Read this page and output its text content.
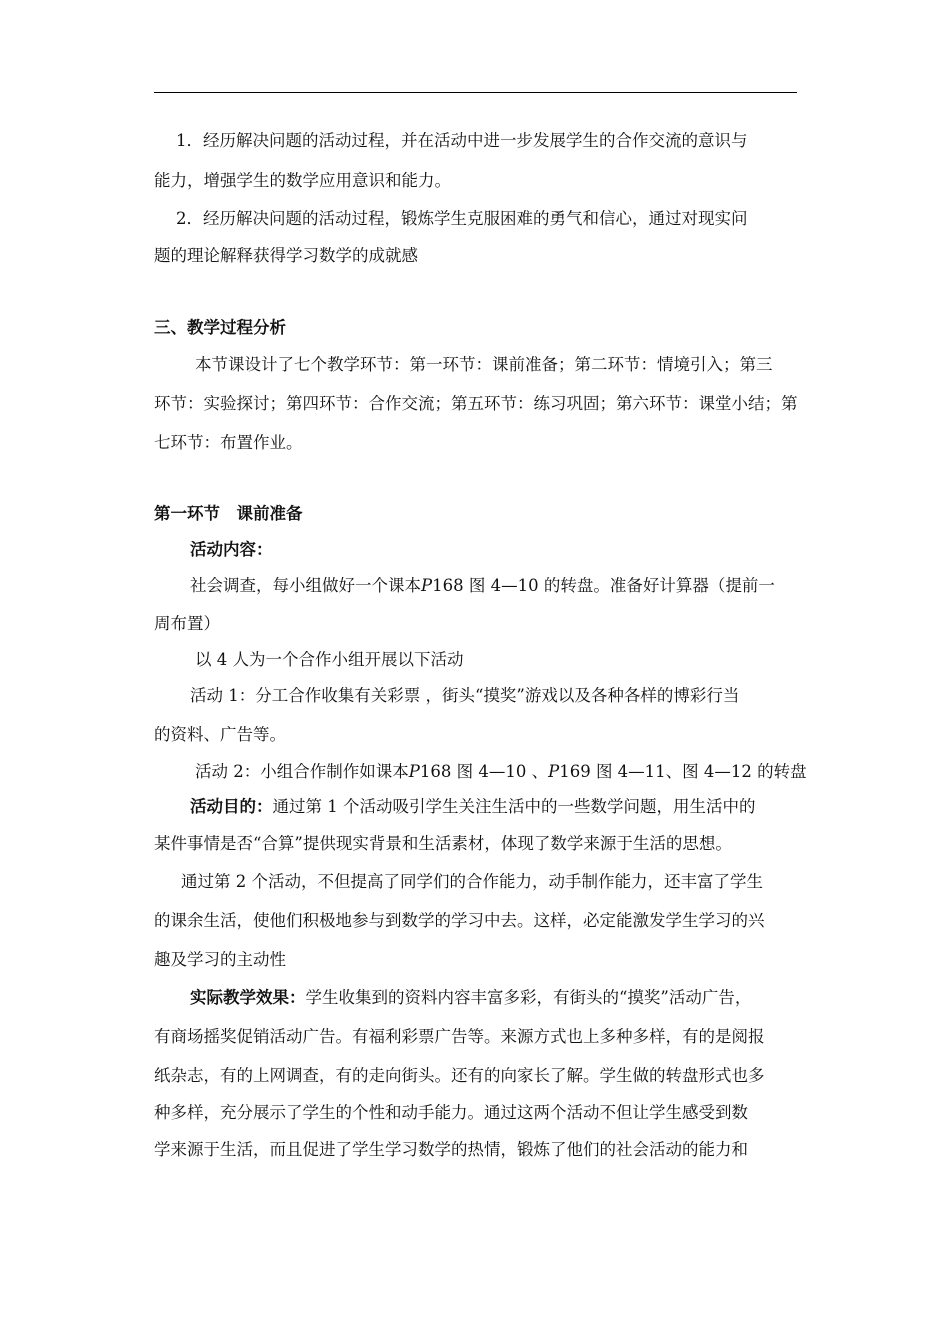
1．经历解决问题的活动过程，并在活动中进一步发展学生的合作交流的意识与
能力，增强学生的数学应用意识和能力。
2．经历解决问题的活动过程，锻炼学生克服困难的勇气和信心，通过对现实问
题的理论解释获得学习数学的成就感
三、教学过程分析
本节课设计了七个教学环节：第一环节：课前准备；第二环节：情境引入；第三
环节：实验探讨；第四环节：合作交流；第五环节：练习巩固；第六环节：课堂小结；第
七环节：布置作业。
第一环节　课前准备
活动内容：
社会调查，每小组做好一个课本P168 图 4—10 的转盘。准备好计算器（提前一
周布置）
以 4 人为一个合作小组开展以下活动
活动 1：分工合作收集有关彩票 ，街头“摸奖”游戏以及各种各样的博彩行当
的资料、广告等。
活动 2：小组合作制作如课本P168 图 4—10 、P169 图 4—11、图 4—12 的转盘
活动目的：通过第 1 个活动吸引学生关注生活中的一些数学问题，用生活中的
某件事情是否“合算”提供现实背景和生活素材，体现了数学来源于生活的思想。
通过第 2 个活动，不但提高了同学们的合作能力，动手制作能力，还丰富了学生
的课余生活，使他们积极地参与到数学的学习中去。这样，必定能激发学生学习的兴
趣及学习的主动性
实际教学效果：学生收集到的资料内容丰富多彩，有街头的“摸奖”活动广告，
有商场摇奖促销活动广告。有福利彩票广告等。来源方式也上多种多样，有的是阅报
纸杂志，有的上网调查，有的走向街头。还有的向家长了解。学生做的转盘形式也多
种多样，充分展示了学生的个性和动手能力。通过这两个活动不但让学生感受到数
学来源于生活，而且促进了学生学习数学的热情，锻炼了他们的社会活动的能力和
